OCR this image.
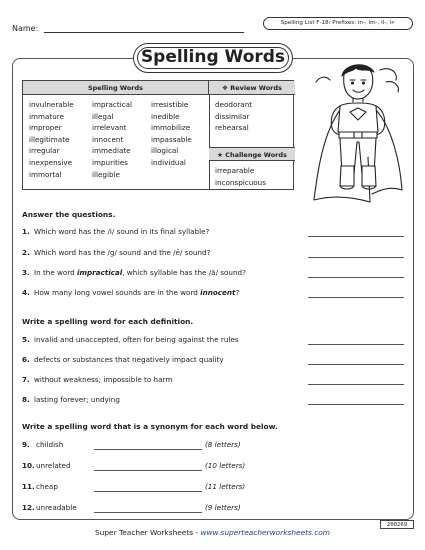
Name:
Spelling List F-18: Prefixes: in-, im-, il-, ir-
Spelling Words
Spelling Words	❖ Review Words
invulnerable
immature
improper
illegitimate
irregular
inexpensive
immortal
impractical
illegal
irrelevant
innocent
immediate
impurities
illegible
irresistible
inedible
immobilize
impassable
illogical
individual
deodorant
dissimilar
rehearsal
★ Challenge Words
irreparable
inconspicuous
Answer the questions.
1. Which word has the /i/ sound in its final syllable?
2. Which word has the /g/ sound and the /ē/ sound?
3. In the word impractical, which syllable has the /ă/ sound?
4. How many long vowel sounds are in the word innocent?
Write a spelling word for each definition.
5. invalid and unaccepted, often for being against the rules
6. defects or substances that negatively impact quality
7. without weakness; impossible to harm
8. lasting forever; undying
Write a spelling word that is a synonym for each word below.
9. childish	(8 letters)
10.unrelated	(10 letters)
11.cheap	(11 letters)
12.unreadable	(9 letters)
200269
Super Teacher Worksheets - www.superteacherworksheets.com
